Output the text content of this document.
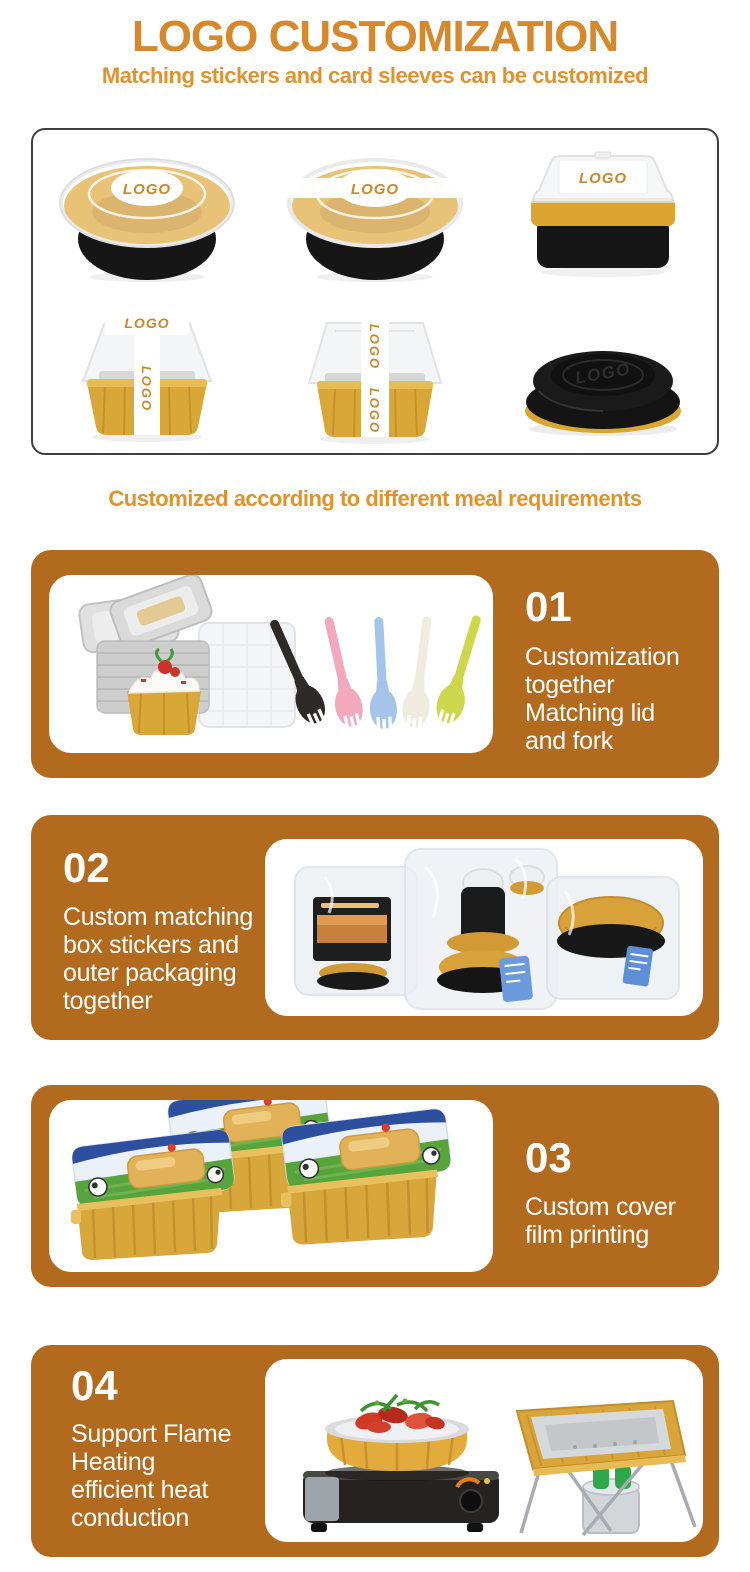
LOGO CUSTOMIZATION
Matching stickers and card sleeves can be customized
LOGO	LOGO
LOGO
LOGO
LOGO
LOGO
LOGO
LOGO
Customized according to different meal requirements
01
Customization
together
Matching lid
and fork
02
Custom matching
box stickers and
outer packaging
together
03
Custom cover
film printing
04
Support Flame
Heating
efficient heat
conduction
